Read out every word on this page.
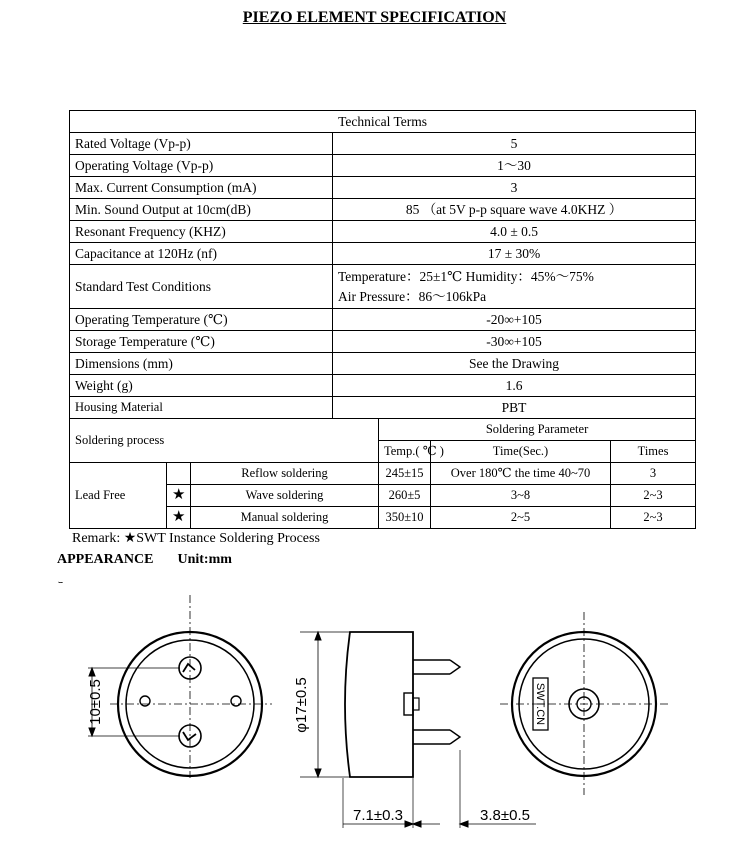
PIEZO ELEMENT SPECIFICATION
Technical Terms						
Rated Voltage (Vp-p)			5			
Operating Voltage (Vp-p)			1～30			
Max. Current Consumption (mA)			3			
Min. Sound Output at 10cm(dB)			85 （at 5V p-p square wave 4.0KHZ ）			
Resonant Frequency (KHZ)			4.0 ± 0.5			
Capacitance at 120Hz (nf)			17 ± 30%			
Standard Test Conditions			Temperature：25±1℃ Humidity：45%～75%
Air Pressure：86～106kPa			

Operating Temperature (℃)			-20∞+105			
Storage Temperature (℃)			-30∞+105			
Dimensions (mm)			See the Drawing			
Weight (g)			1.6			
Housing Material			PBT			
Soldering process				Soldering Parameter		
				Temp.( ℃ )	Time(Sec.)	Times
Lead Free		Reflow soldering		245±15	Over 180℃ the time 40~70	3
	★	Wave soldering		260±5	3~8	2~3
	★	Manual soldering		350±10	2~5	2~3
Remark: ★SWT Instance Soldering Process
APPEARANCE Unit:mm
ｰ
10±0.5	φ17±0.5
7.1±0.3	3.8±0.5
SWT.CN
